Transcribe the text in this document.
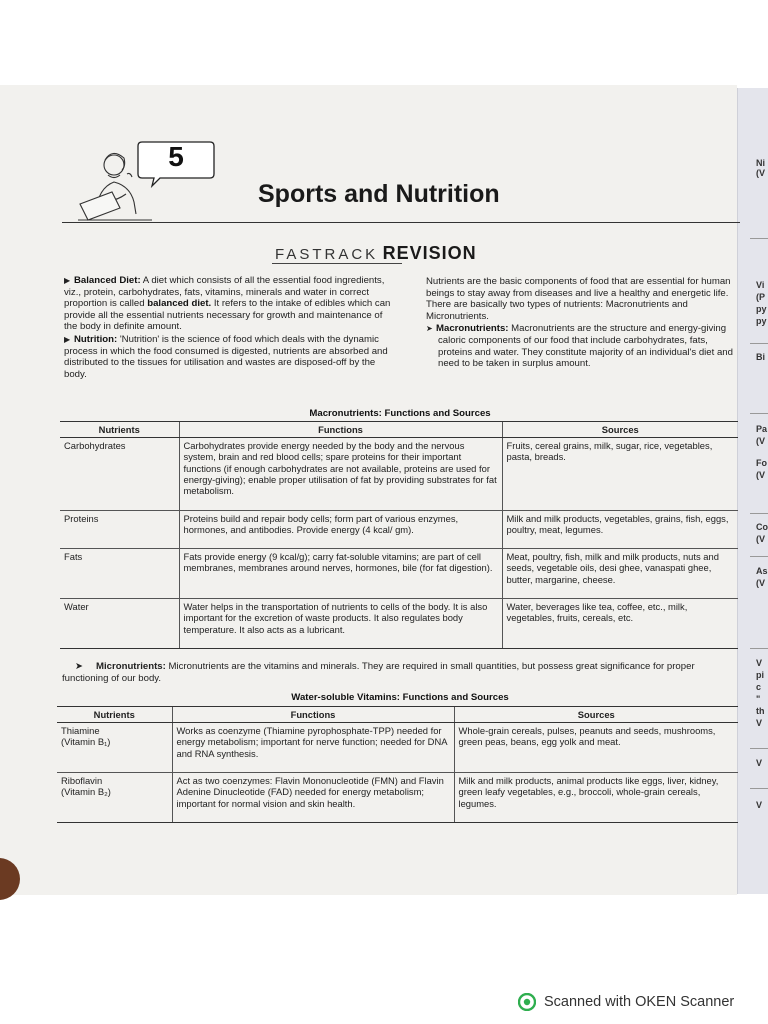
Ni
(V
Vi
(P
py
py
Bi
Pa
(V
Fo
(V
Co
(V
As
(V
V
pi
c
"
th
V
V
V
5
Sports and Nutrition
FASTRACK REVISION

▶ Balanced Diet: A diet which consists of all the essential food ingredients, viz., protein, carbohydrates, fats, vitamins, minerals and water in correct proportion is called balanced diet. It refers to the intake of edibles which can provide all the essential nutrients necessary for growth and maintenance of the body in definite amount.

▶ Nutrition: 'Nutrition' is the science of food which deals with the dynamic process in which the food consumed is digested, nutrients are absorbed and distributed to the tissues for utilisation and wastes are disposed-off by the body.

Nutrients are the basic components of food that are essential for human beings to stay away from diseases and live a healthy and energetic life. There are basically two types of nutrients: Macronutrients and Micronutrients.

➤ Macronutrients: Macronutrients are the structure and energy-giving caloric components of our food that include carbohydrates, fats, proteins and water. They constitute majority of an individual's diet and need to be taken in surplus amount.

Macronutrients: Functions and Sources
Nutrients	Functions	Sources
Carbohydrates	Carbohydrates provide energy needed by the body and the nervous system, brain and red blood cells; spare proteins for their important functions (if enough carbohydrates are not available, proteins are used for energy-giving); enable proper utilisation of fat by providing substrates for fat metabolism.	Fruits, cereal grains, milk, sugar, rice, vegetables, pasta, breads.
Proteins	Proteins build and repair body cells; form part of various enzymes, hormones, and antibodies. Provide energy (4 kcal/ gm).	Milk and milk products, vegetables, grains, fish, eggs, poultry, meat, legumes.
Fats	Fats provide energy (9 kcal/g); carry fat-soluble vitamins; are part of cell membranes, membranes around nerves, hormones, bile (for fat digestion).	Meat, poultry, fish, milk and milk products, nuts and seeds, vegetable oils, desi ghee, vanaspati ghee, butter, margarine, cheese.
Water	Water helps in the transportation of nutrients to cells of the body. It is also important for the excretion of waste products. It also regulates body temperature. It also acts as a lubricant.	Water, beverages like tea, coffee, etc., milk, vegetables, fruits, cereals, etc.
➤ Micronutrients: Micronutrients are the vitamins and minerals. They are required in small quantities, but possess great significance for proper functioning of our body.
Water-soluble Vitamins: Functions and Sources
Nutrients	Functions	Sources

Thiamine
(Vitamin B₁)	Works as coenzyme (Thiamine pyrophosphate-TPP) needed for energy metabolism; important for nerve function; needed for DNA and RNA synthesis.	Whole-grain cereals, pulses, peanuts and seeds, mushrooms, green peas, beans, egg yolk and meat.

Riboflavin
(Vitamin B₂)	Act as two coenzymes: Flavin Mononucleotide (FMN) and Flavin Adenine Dinucleotide (FAD) needed for energy metabolism; important for normal vision and skin health.	Milk and milk products, animal products like eggs, liver, kidney, green leafy vegetables, e.g., broccoli, whole-grain cereals, legumes.
Scanned with OKEN Scanner
